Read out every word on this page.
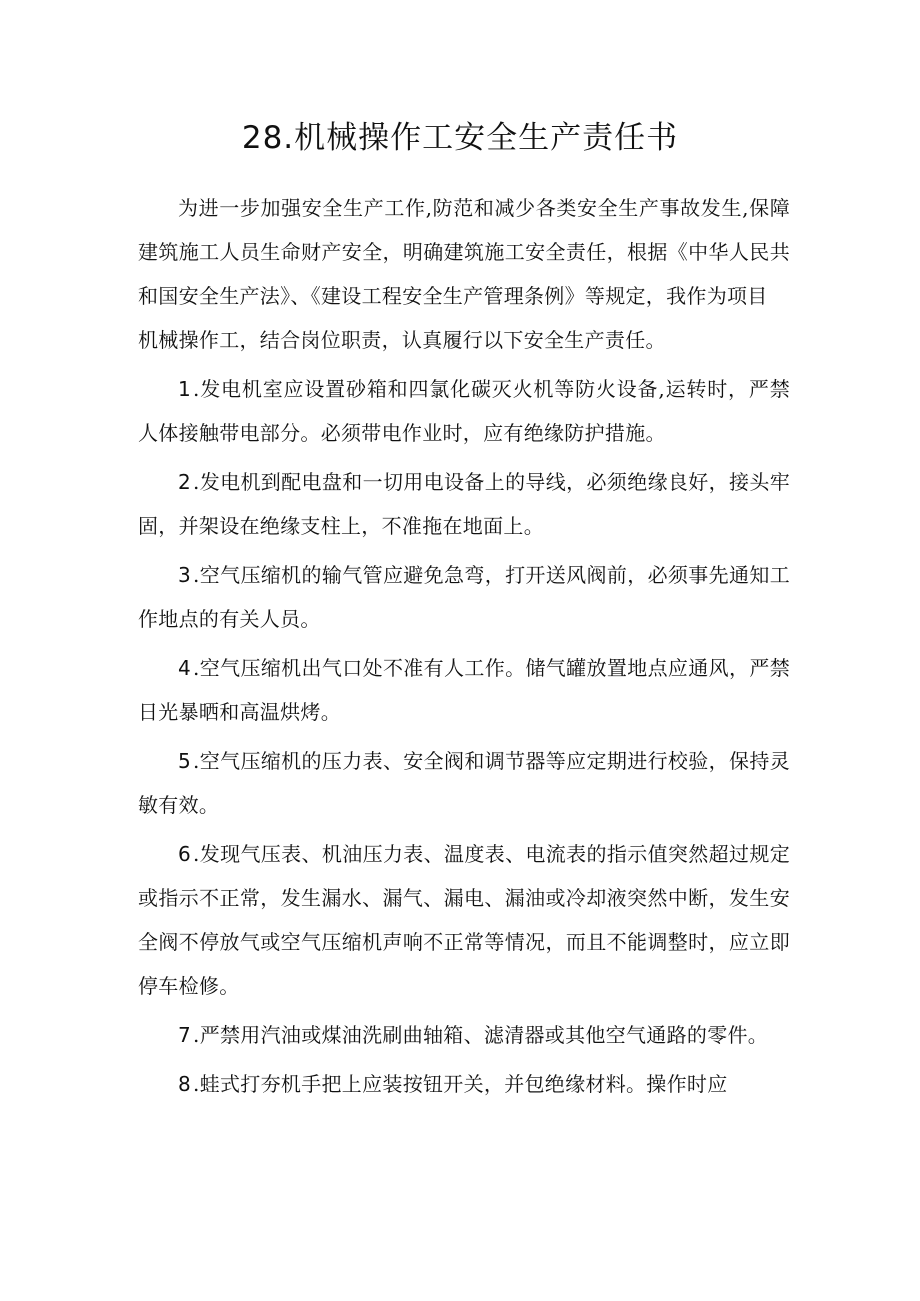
28.机械操作工安全生产责任书

为进一步加强安全生产工作,防范和减少各类安全生产事故发生,保障建筑施工人员生命财产安全，明确建筑施工安全责任，根据《中华人民共和国安全生产法》、《建设工程安全生产管理条例》等规定，我作为项目

机械操作工，结合岗位职责，认真履行以下安全生产责任。

1 .发电机室应设置砂箱和四氯化碳灭火机等防火设备,运转时，严禁人体接触带电部分。必须带电作业时，应有绝缘防护措施。

2 .发电机到配电盘和一切用电设备上的导线，必须绝缘良好，接头牢固，并架设在绝缘支柱上，不准拖在地面上。

3 .空气压缩机的输气管应避免急弯，打开送风阀前，必须事先通知工作地点的有关人员。

4 .空气压缩机出气口处不准有人工作。储气罐放置地点应通风，严禁日光暴晒和高温烘烤。

5 .空气压缩机的压力表、安全阀和调节器等应定期进行校验，保持灵敏有效。

6 .发现气压表、机油压力表、温度表、电流表的指示值突然超过规定或指示不正常，发生漏水、漏气、漏电、漏油或冷却液突然中断，发生安全阀不停放气或空气压缩机声响不正常等情况，而且不能调整时，应立即停车检修。

7 .严禁用汽油或煤油洗刷曲轴箱、滤清器或其他空气通路的零件。

8 .蛙式打夯机手把上应装按钮开关，并包绝缘材料。操作时应
